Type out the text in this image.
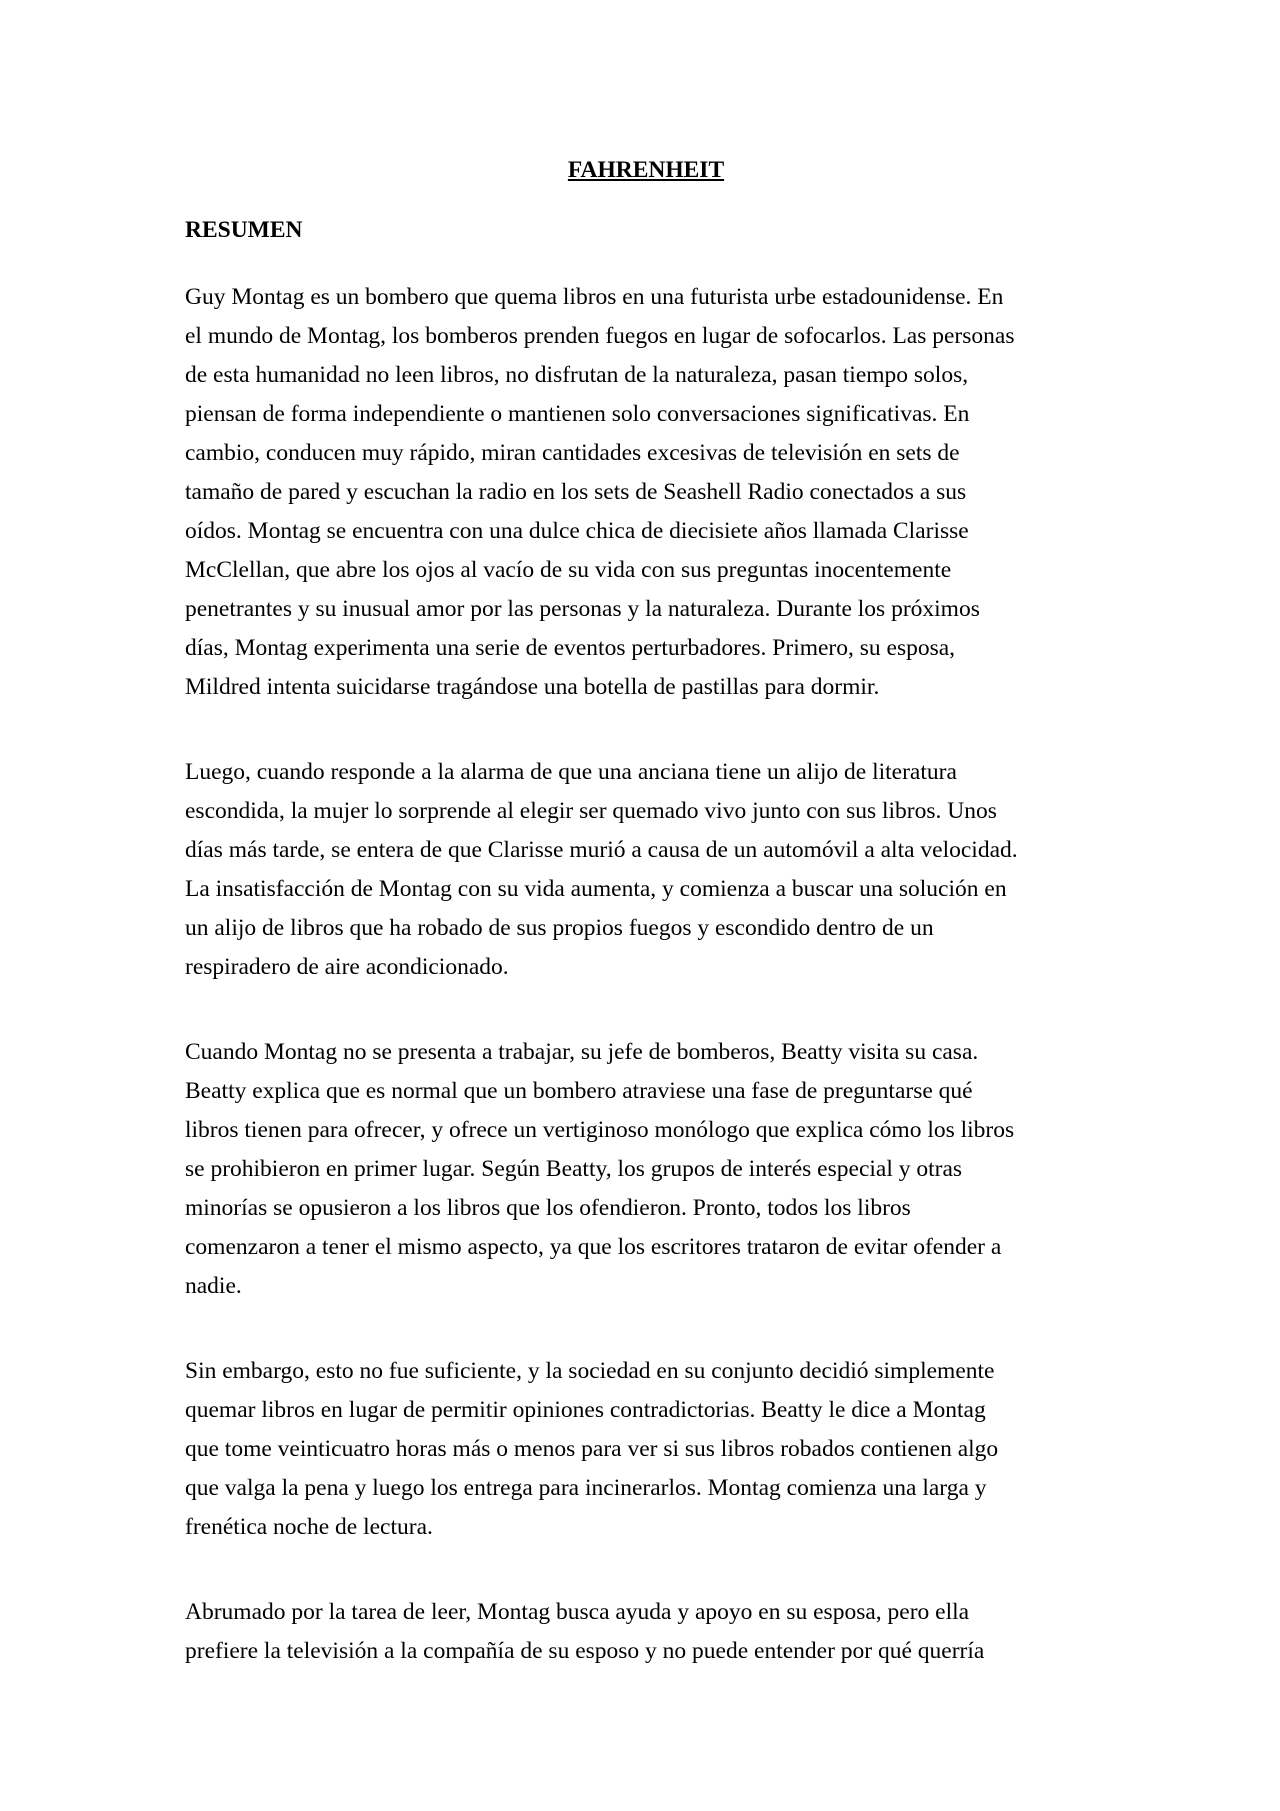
FAHRENHEIT
RESUMEN

Guy Montag es un bombero que quema libros en una futurista urbe estadounidense. En
el mundo de Montag, los bomberos prenden fuegos en lugar de sofocarlos. Las personas
de esta humanidad no leen libros, no disfrutan de la naturaleza, pasan tiempo solos,
piensan de forma independiente o mantienen solo conversaciones significativas. En
cambio, conducen muy rápido, miran cantidades excesivas de televisión en sets de
tamaño de pared y escuchan la radio en los sets de Seashell Radio conectados a sus
oídos. Montag se encuentra con una dulce chica de diecisiete años llamada Clarisse
McClellan, que abre los ojos al vacío de su vida con sus preguntas inocentemente
penetrantes y su inusual amor por las personas y la naturaleza. Durante los próximos
días, Montag experimenta una serie de eventos perturbadores. Primero, su esposa,
Mildred intenta suicidarse tragándose una botella de pastillas para dormir.

Luego, cuando responde a la alarma de que una anciana tiene un alijo de literatura
escondida, la mujer lo sorprende al elegir ser quemado vivo junto con sus libros. Unos
días más tarde, se entera de que Clarisse murió a causa de un automóvil a alta velocidad.
La insatisfacción de Montag con su vida aumenta, y comienza a buscar una solución en
un alijo de libros que ha robado de sus propios fuegos y escondido dentro de un
respiradero de aire acondicionado.

Cuando Montag no se presenta a trabajar, su jefe de bomberos, Beatty visita su casa.
Beatty explica que es normal que un bombero atraviese una fase de preguntarse qué
libros tienen para ofrecer, y ofrece un vertiginoso monólogo que explica cómo los libros
se prohibieron en primer lugar. Según Beatty, los grupos de interés especial y otras
minorías se opusieron a los libros que los ofendieron. Pronto, todos los libros
comenzaron a tener el mismo aspecto, ya que los escritores trataron de evitar ofender a
nadie.

Sin embargo, esto no fue suficiente, y la sociedad en su conjunto decidió simplemente
quemar libros en lugar de permitir opiniones contradictorias. Beatty le dice a Montag
que tome veinticuatro horas más o menos para ver si sus libros robados contienen algo
que valga la pena y luego los entrega para incinerarlos. Montag comienza una larga y
frenética noche de lectura.

Abrumado por la tarea de leer, Montag busca ayuda y apoyo en su esposa, pero ella
prefiere la televisión a la compañía de su esposo y no puede entender por qué querría
